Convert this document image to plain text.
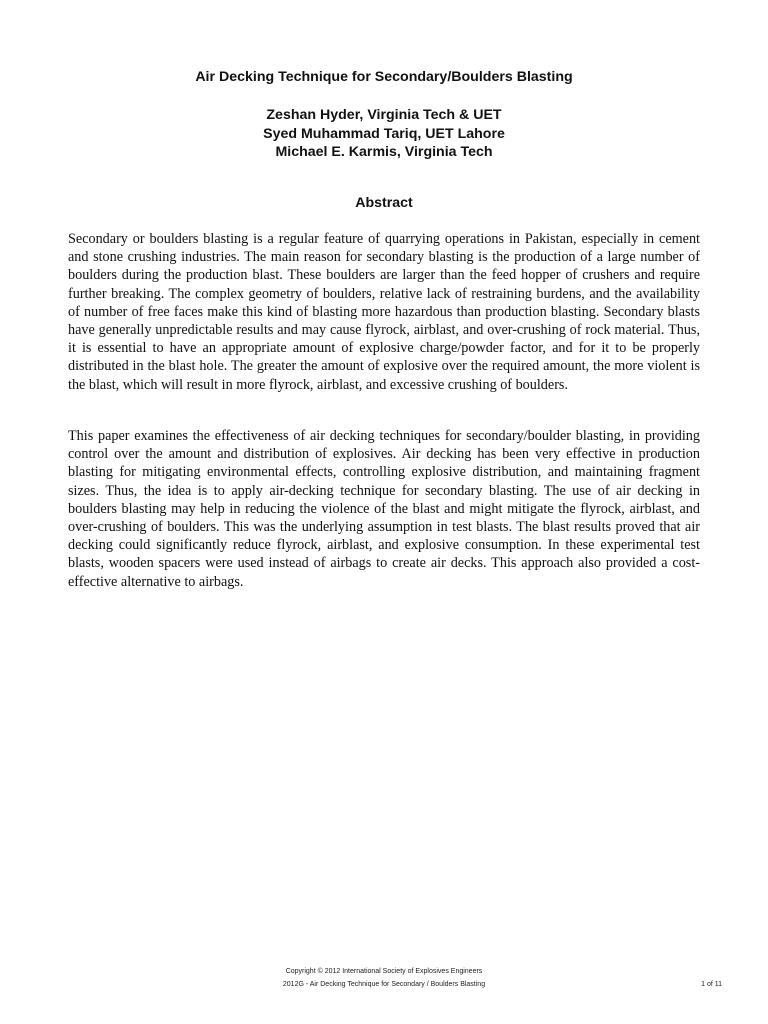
Air Decking Technique for Secondary/Boulders Blasting
Zeshan Hyder, Virginia Tech & UET
Syed Muhammad Tariq, UET Lahore
Michael E. Karmis, Virginia Tech
Abstract

Secondary or boulders blasting is a regular feature of quarrying operations in Pakistan, especially in cement and stone crushing industries. The main reason for secondary blasting is the production of a large number of boulders during the production blast. These boulders are larger than the feed hopper of crushers and require further breaking. The complex geometry of boulders, relative lack of restraining burdens, and the availability of number of free faces make this kind of blasting more hazardous than production blasting. Secondary blasts have generally unpredictable results and may cause flyrock, airblast, and over-crushing of rock material. Thus, it is essential to have an appropriate amount of explosive charge/powder factor, and for it to be properly distributed in the blast hole. The greater the amount of explosive over the required amount, the more violent is the blast, which will result in more flyrock, airblast, and excessive crushing of boulders.

This paper examines the effectiveness of air decking techniques for secondary/boulder blasting, in providing control over the amount and distribution of explosives. Air decking has been very effective in production blasting for mitigating environmental effects, controlling explosive distribution, and maintaining fragment sizes. Thus, the idea is to apply air-decking technique for secondary blasting. The use of air decking in boulders blasting may help in reducing the violence of the blast and might mitigate the flyrock, airblast, and over-crushing of boulders. This was the underlying assumption in test blasts. The blast results proved that air decking could significantly reduce flyrock, airblast, and explosive consumption. In these experimental test blasts, wooden spacers were used instead of airbags to create air decks. This approach also provided a cost-effective alternative to airbags.

Copyright © 2012 International Society of Explosives Engineers
2012G - Air Decking Technique for Secondary / Boulders Blasting	1 of 11
